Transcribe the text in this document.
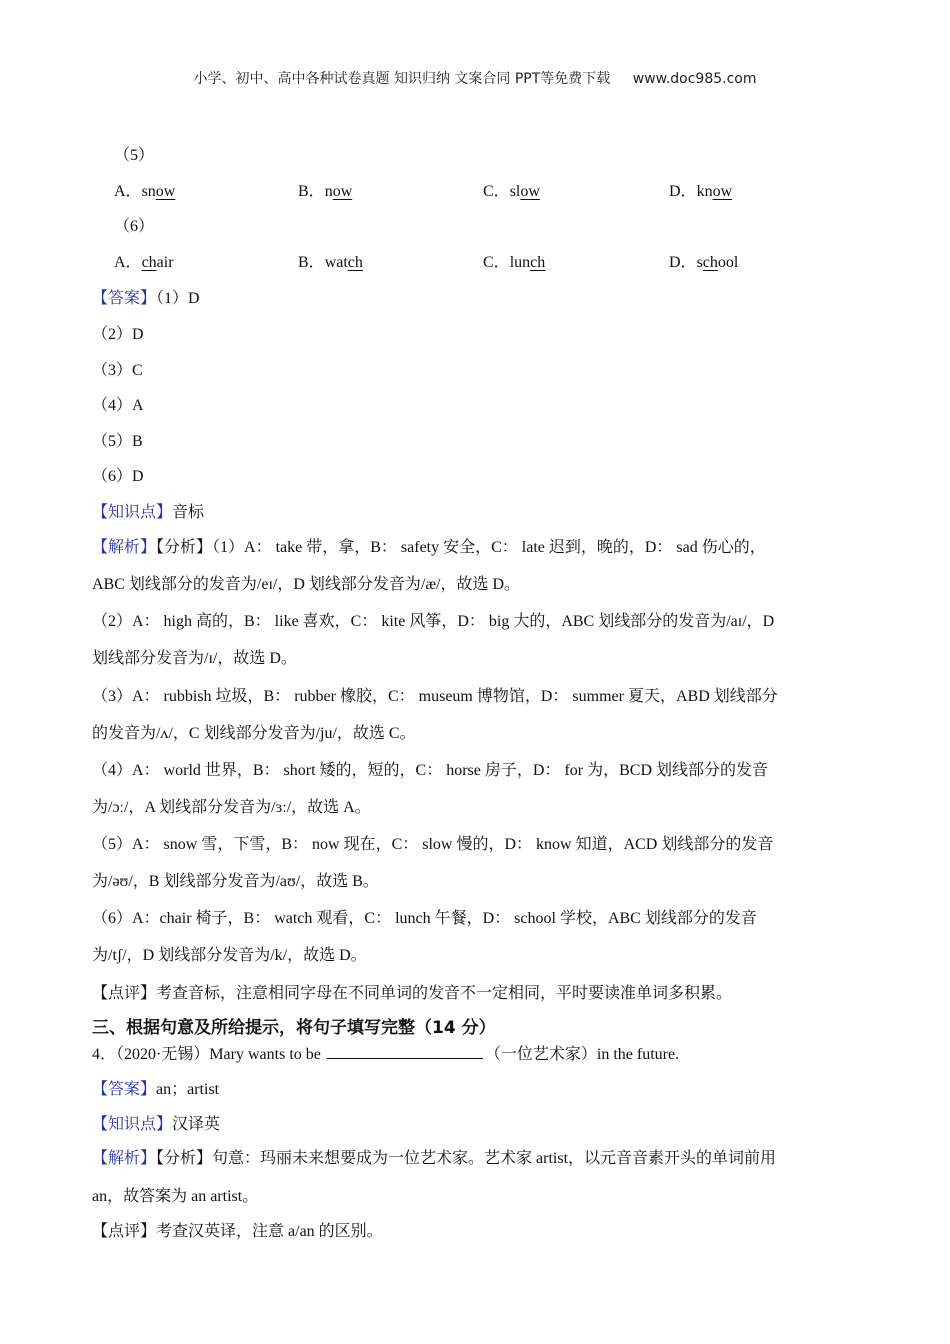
小学、初中、高中各种试卷真题 知识归纳 文案合同 PPT等免费下载 www.doc985.com
（5）
A．snow	B．now	C．slow	D．know
（6）
A．chair	B．watch	C．lunch	D．school
【答案】（1）D
（2）D
（3）C
（4）A
（5）B
（6）D
【知识点】音标
【解析】【分析】（1）A： take 带，拿，B： safety 安全，C： late 迟到，晚的，D： sad 伤心的，
ABC 划线部分的发音为/eɪ/，D 划线部分发音为/æ/，故选 D。
（2）A： high 高的，B： like 喜欢，C： kite 风筝，D： big 大的，ABC 划线部分的发音为/aɪ/，D
划线部分发音为/ɪ/，故选 D。
（3）A： rubbish 垃圾，B： rubber 橡胶，C： museum 博物馆，D： summer 夏天，ABD 划线部分
的发音为/ʌ/，C 划线部分发音为/ju/，故选 C。
（4）A： world 世界，B： short 矮的，短的，C： horse 房子，D： for 为，BCD 划线部分的发音
为/ɔː/，A 划线部分发音为/ɜː/，故选 A。
（5）A： snow 雪，下雪，B： now 现在，C： slow 慢的，D： know 知道，ACD 划线部分的发音
为/əʊ/，B 划线部分发音为/aʊ/，故选 B。
（6）A：chair 椅子，B： watch 观看，C： lunch 午餐，D： school 学校，ABC 划线部分的发音
为/tʃ/，D 划线部分发音为/k/，故选 D。
【点评】考查音标，注意相同字母在不同单词的发音不一定相同，平时要读准单词多积累。
三、根据句意及所给提示，将句子填写完整（14 分）
4．（2020·无锡）Mary wants to be	（一位艺术家）in the future.
【答案】an；artist
【知识点】汉译英
【解析】【分析】句意：玛丽未来想要成为一位艺术家。艺术家 artist，以元音音素开头的单词前用
an，故答案为 an artist。
【点评】考查汉英译，注意 a/an 的区别。
